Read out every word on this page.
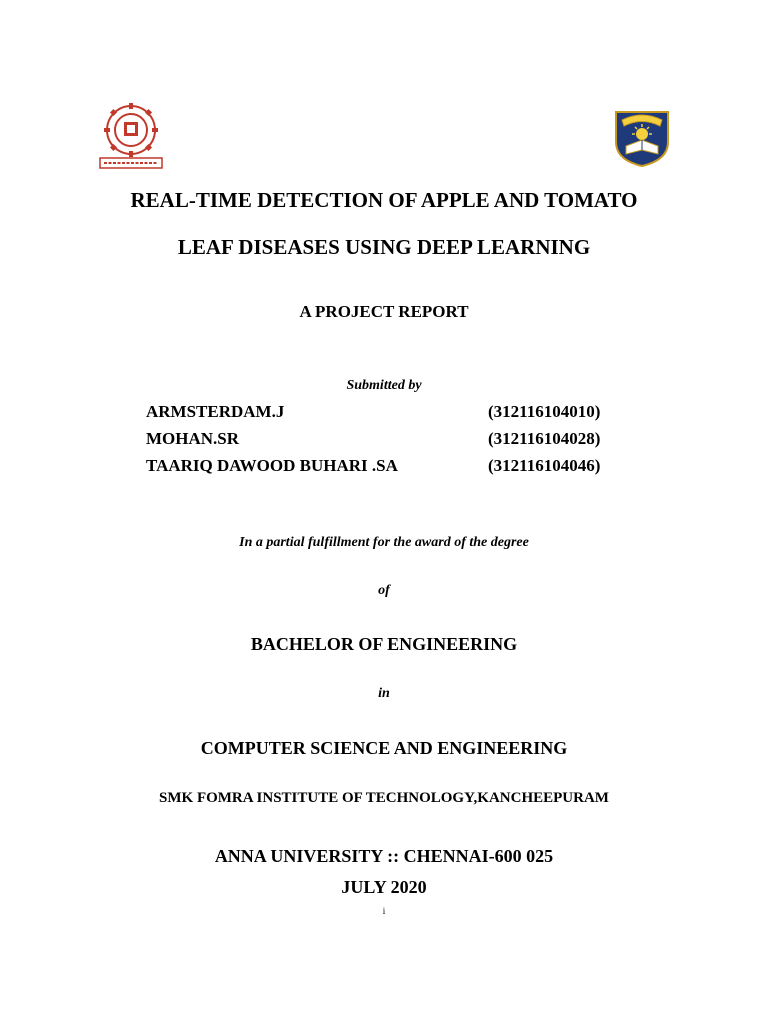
REAL-TIME DETECTION OF APPLE AND TOMATO
LEAF DISEASES USING DEEP LEARNING
A PROJECT REPORT
Submitted by
ARMSTERDAM.J	(312116104010)
MOHAN.SR	(312116104028)
TAARIQ DAWOOD BUHARI .SA	(312116104046)
In a partial fulfillment for the award of the degree
of
BACHELOR OF ENGINEERING
in
COMPUTER SCIENCE AND ENGINEERING
SMK FOMRA INSTITUTE OF TECHNOLOGY,KANCHEEPURAM
ANNA UNIVERSITY :: CHENNAI-600 025
JULY 2020
i
